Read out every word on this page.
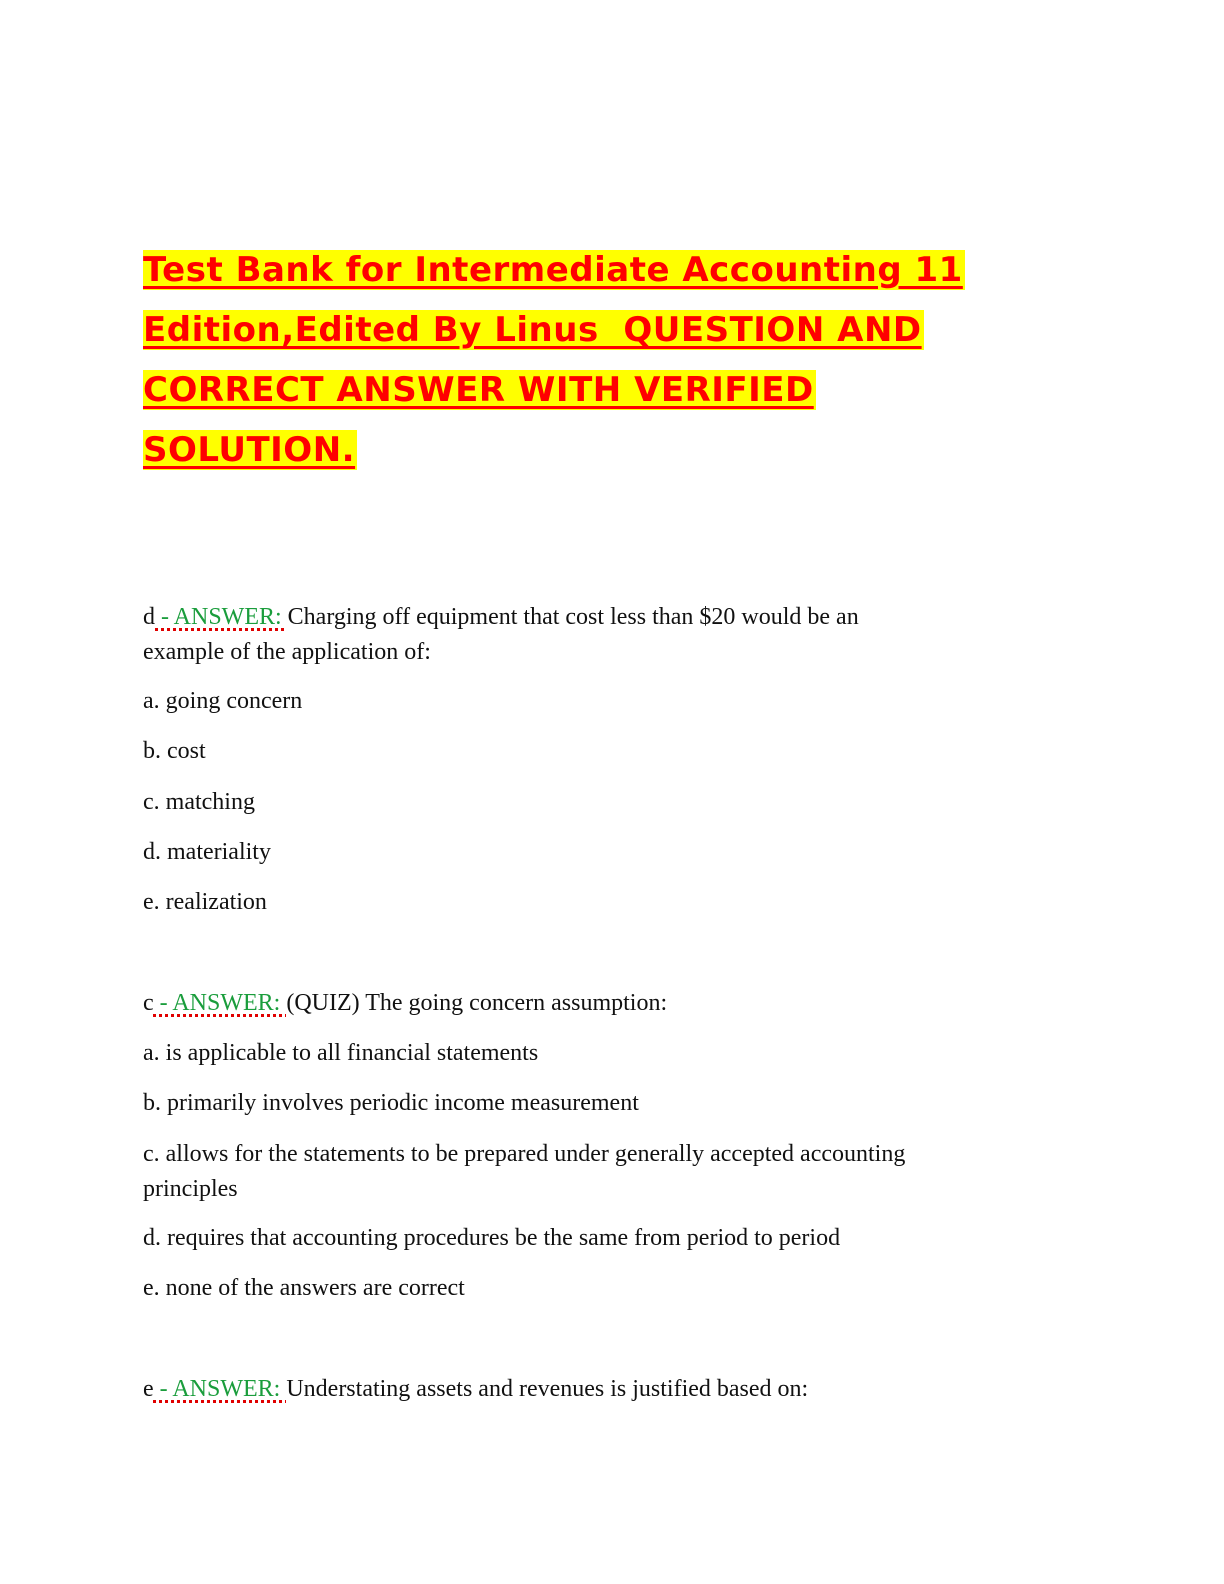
Test Bank for Intermediate Accounting 11
Edition,Edited By Linus  QUESTION AND
CORRECT ANSWER WITH VERIFIED
SOLUTION.
d - ANSWER: Charging off equipment that cost less than $20 would be an
example of the application of:
a. going concern
b. cost
c. matching
d. materiality
e. realization
c - ANSWER: (QUIZ) The going concern assumption:
a. is applicable to all financial statements
b. primarily involves periodic income measurement
c. allows for the statements to be prepared under generally accepted accounting
principles
d. requires that accounting procedures be the same from period to period
e. none of the answers are correct
e - ANSWER: Understating assets and revenues is justified based on:
